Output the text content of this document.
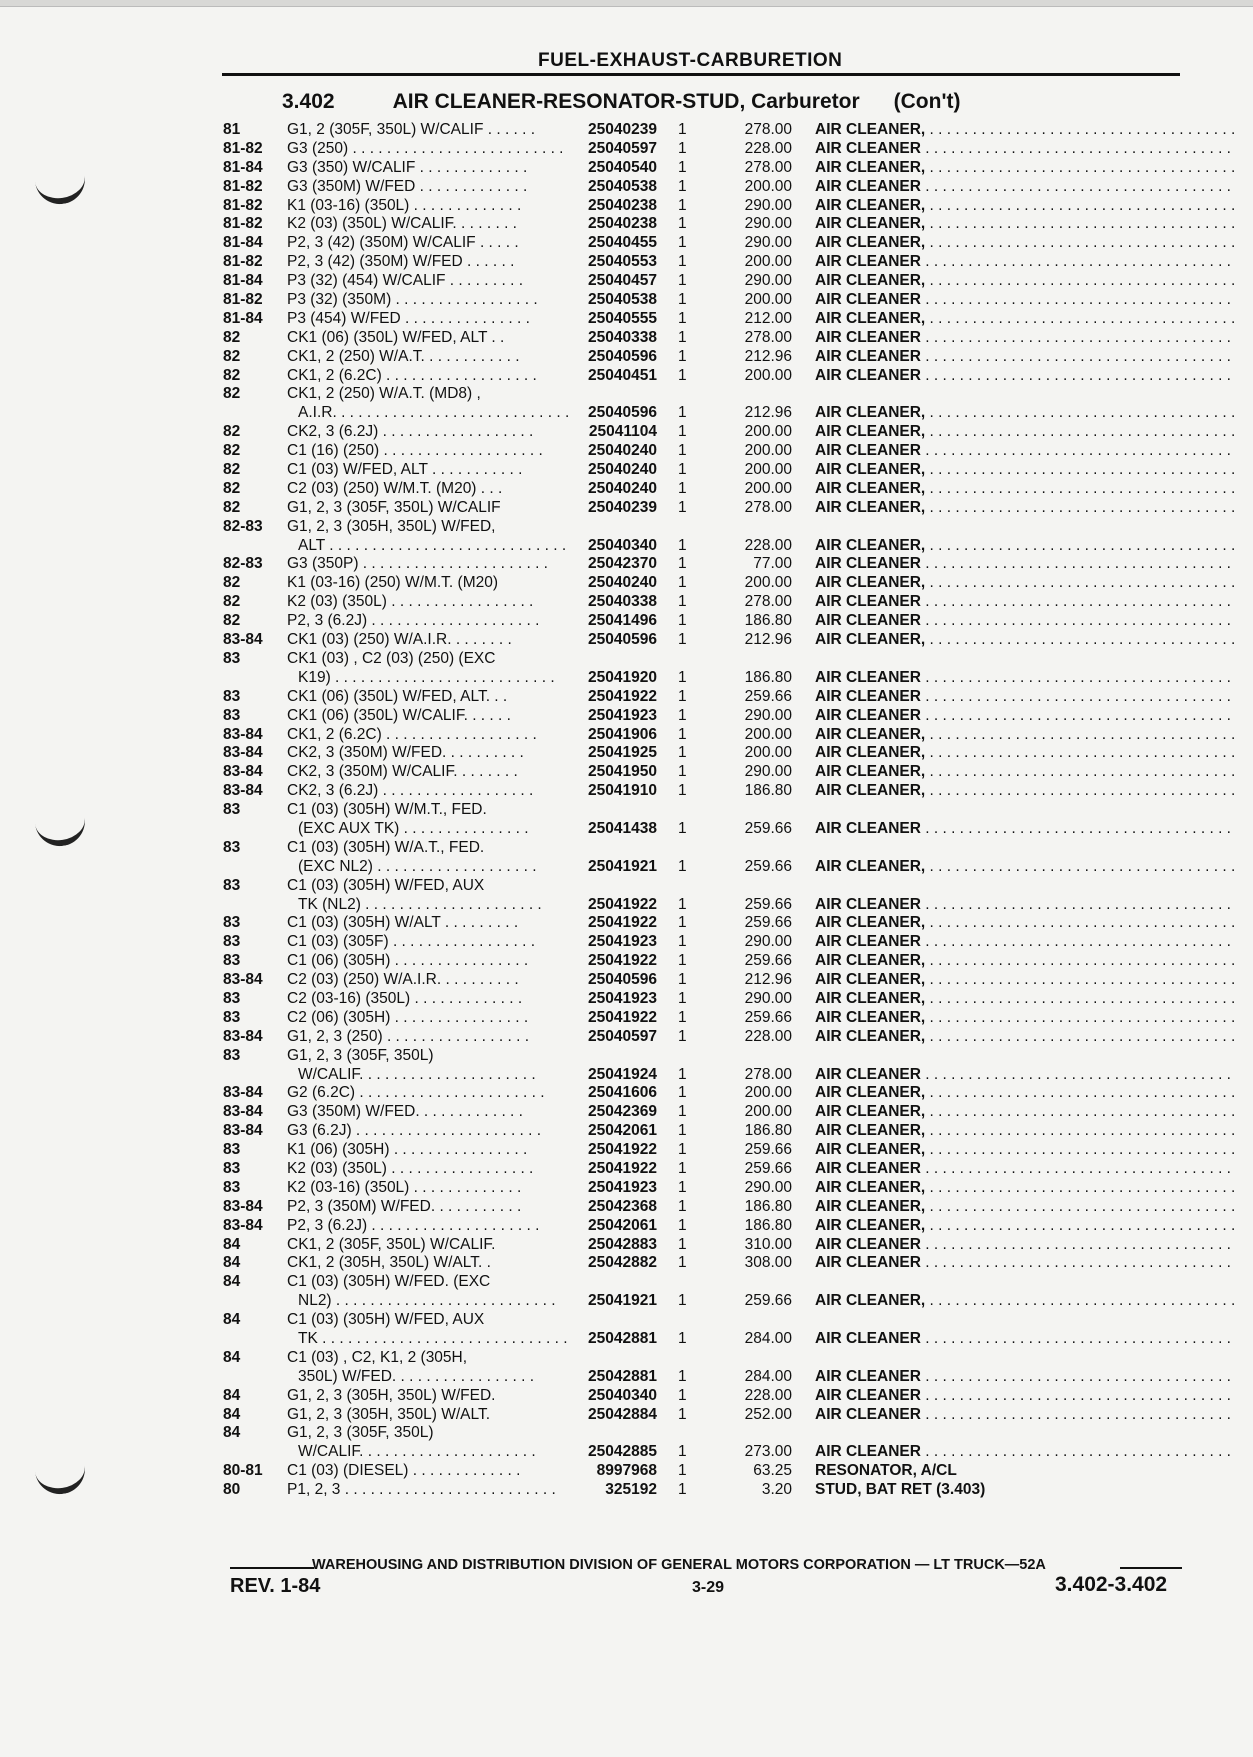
FUEL-EXHAUST-CARBURETION
3.402	AIR CLEANER-RESONATOR-STUD, Carburetor (Con't)
81	G1, 2 (305F, 350L) W/CALIF . . . . . .	25040239 1	278.00 AIR CLEANER, . . . . . . . . . . . . . . . . . . . . . . . . . . . . . . . . . . . .
81-82 G3 (250) . . . . . . . . . . . . . . . . . . . . . . . . .	25040597 1	228.00 AIR CLEANER . . . . . . . . . . . . . . . . . . . . . . . . . . . . . . . . . . . .
81-84 G3 (350) W/CALIF . . . . . . . . . . . . .	25040540 1	278.00 AIR CLEANER, . . . . . . . . . . . . . . . . . . . . . . . . . . . . . . . . . . . .
81-82 G3 (350M) W/FED . . . . . . . . . . . . .	25040538 1	200.00 AIR CLEANER . . . . . . . . . . . . . . . . . . . . . . . . . . . . . . . . . . . .
81-82 K1 (03-16) (350L) . . . . . . . . . . . . .	25040238 1	290.00 AIR CLEANER, . . . . . . . . . . . . . . . . . . . . . . . . . . . . . . . . . . . .
81-82 K2 (03) (350L) W/CALIF. . . . . . . .	25040238 1	290.00 AIR CLEANER, . . . . . . . . . . . . . . . . . . . . . . . . . . . . . . . . . . . .
81-84 P2, 3 (42) (350M) W/CALIF . . . . .	25040455 1	290.00 AIR CLEANER, . . . . . . . . . . . . . . . . . . . . . . . . . . . . . . . . . . . .
81-82 P2, 3 (42) (350M) W/FED . . . . . .	25040553 1	200.00 AIR CLEANER . . . . . . . . . . . . . . . . . . . . . . . . . . . . . . . . . . . .
81-84 P3 (32) (454) W/CALIF . . . . . . . . .	25040457 1	290.00 AIR CLEANER, . . . . . . . . . . . . . . . . . . . . . . . . . . . . . . . . . . . .
81-82 P3 (32) (350M) . . . . . . . . . . . . . . . . .	25040538 1	200.00 AIR CLEANER . . . . . . . . . . . . . . . . . . . . . . . . . . . . . . . . . . . .
81-84 P3 (454) W/FED . . . . . . . . . . . . . . .	25040555 1	212.00 AIR CLEANER, . . . . . . . . . . . . . . . . . . . . . . . . . . . . . . . . . . . .
82	CK1 (06) (350L) W/FED, ALT . .	25040338 1	278.00 AIR CLEANER . . . . . . . . . . . . . . . . . . . . . . . . . . . . . . . . . . . .
82	CK1, 2 (250) W/A.T. . . . . . . . . . . .	25040596 1	212.96 AIR CLEANER . . . . . . . . . . . . . . . . . . . . . . . . . . . . . . . . . . . .
82	CK1, 2 (6.2C) . . . . . . . . . . . . . . . . . .	25040451 1	200.00 AIR CLEANER . . . . . . . . . . . . . . . . . . . . . . . . . . . . . . . . . . . .
82	CK1, 2 (250) W/A.T. (MD8) ,
A.I.R. . . . . . . . . . . . . . . . . . . . . . . . . . . .	25040596 1	212.96 AIR CLEANER, . . . . . . . . . . . . . . . . . . . . . . . . . . . . . . . . . . . .
82	CK2, 3 (6.2J) . . . . . . . . . . . . . . . . . .	25041104 1	200.00 AIR CLEANER, . . . . . . . . . . . . . . . . . . . . . . . . . . . . . . . . . . . .
82	C1 (16) (250) . . . . . . . . . . . . . . . . . . .	25040240 1	200.00 AIR CLEANER . . . . . . . . . . . . . . . . . . . . . . . . . . . . . . . . . . . .
82	C1 (03) W/FED, ALT . . . . . . . . . . .	25040240 1	200.00 AIR CLEANER, . . . . . . . . . . . . . . . . . . . . . . . . . . . . . . . . . . . .
82	C2 (03) (250) W/M.T. (M20) . . .	25040240 1	200.00 AIR CLEANER, . . . . . . . . . . . . . . . . . . . . . . . . . . . . . . . . . . . .
82	G1, 2, 3 (305F, 350L) W/CALIF	25040239 1	278.00 AIR CLEANER, . . . . . . . . . . . . . . . . . . . . . . . . . . . . . . . . . . . .
82-83 G1, 2, 3 (305H, 350L) W/FED,
ALT . . . . . . . . . . . . . . . . . . . . . . . . . . . .	25040340 1	228.00 AIR CLEANER, . . . . . . . . . . . . . . . . . . . . . . . . . . . . . . . . . . . .
82-83 G3 (350P) . . . . . . . . . . . . . . . . . . . . . .	25042370 1	77.00 AIR CLEANER . . . . . . . . . . . . . . . . . . . . . . . . . . . . . . . . . . . .
82	K1 (03-16) (250) W/M.T. (M20)	25040240 1	200.00 AIR CLEANER, . . . . . . . . . . . . . . . . . . . . . . . . . . . . . . . . . . . .
82	K2 (03) (350L) . . . . . . . . . . . . . . . . .	25040338 1	278.00 AIR CLEANER . . . . . . . . . . . . . . . . . . . . . . . . . . . . . . . . . . . .
82	P2, 3 (6.2J) . . . . . . . . . . . . . . . . . . . .	25041496 1	186.80 AIR CLEANER . . . . . . . . . . . . . . . . . . . . . . . . . . . . . . . . . . . .
83-84 CK1 (03) (250) W/A.I.R. . . . . . . .	25040596 1	212.96 AIR CLEANER, . . . . . . . . . . . . . . . . . . . . . . . . . . . . . . . . . . . .
83	CK1 (03) , C2 (03) (250) (EXC
K19) . . . . . . . . . . . . . . . . . . . . . . . . . .	25041920 1	186.80 AIR CLEANER . . . . . . . . . . . . . . . . . . . . . . . . . . . . . . . . . . . .
83	CK1 (06) (350L) W/FED, ALT. . .	25041922 1	259.66 AIR CLEANER . . . . . . . . . . . . . . . . . . . . . . . . . . . . . . . . . . . .
83	CK1 (06) (350L) W/CALIF. . . . . .	25041923 1	290.00 AIR CLEANER . . . . . . . . . . . . . . . . . . . . . . . . . . . . . . . . . . . .
83-84 CK1, 2 (6.2C) . . . . . . . . . . . . . . . . . .	25041906 1	200.00 AIR CLEANER, . . . . . . . . . . . . . . . . . . . . . . . . . . . . . . . . . . . .
83-84 CK2, 3 (350M) W/FED. . . . . . . . . .	25041925 1	200.00 AIR CLEANER, . . . . . . . . . . . . . . . . . . . . . . . . . . . . . . . . . . . .
83-84 CK2, 3 (350M) W/CALIF. . . . . . . .	25041950 1	290.00 AIR CLEANER, . . . . . . . . . . . . . . . . . . . . . . . . . . . . . . . . . . . .
83-84 CK2, 3 (6.2J) . . . . . . . . . . . . . . . . . .	25041910 1	186.80 AIR CLEANER, . . . . . . . . . . . . . . . . . . . . . . . . . . . . . . . . . . . .
83	C1 (03) (305H) W/M.T., FED.
(EXC AUX TK) . . . . . . . . . . . . . . .	25041438 1	259.66 AIR CLEANER . . . . . . . . . . . . . . . . . . . . . . . . . . . . . . . . . . . .
83	C1 (03) (305H) W/A.T., FED.
(EXC NL2) . . . . . . . . . . . . . . . . . . .	25041921 1	259.66 AIR CLEANER, . . . . . . . . . . . . . . . . . . . . . . . . . . . . . . . . . . . .
83	C1 (03) (305H) W/FED, AUX
TK (NL2) . . . . . . . . . . . . . . . . . . . . .	25041922 1	259.66 AIR CLEANER . . . . . . . . . . . . . . . . . . . . . . . . . . . . . . . . . . . .
83	C1 (03) (305H) W/ALT . . . . . . . . .	25041922 1	259.66 AIR CLEANER, . . . . . . . . . . . . . . . . . . . . . . . . . . . . . . . . . . . .
83	C1 (03) (305F) . . . . . . . . . . . . . . . . .	25041923 1	290.00 AIR CLEANER . . . . . . . . . . . . . . . . . . . . . . . . . . . . . . . . . . . .
83	C1 (06) (305H) . . . . . . . . . . . . . . . .	25041922 1	259.66 AIR CLEANER, . . . . . . . . . . . . . . . . . . . . . . . . . . . . . . . . . . . .
83-84 C2 (03) (250) W/A.I.R. . . . . . . . . .	25040596 1	212.96 AIR CLEANER, . . . . . . . . . . . . . . . . . . . . . . . . . . . . . . . . . . . .
83	C2 (03-16) (350L) . . . . . . . . . . . . .	25041923 1	290.00 AIR CLEANER, . . . . . . . . . . . . . . . . . . . . . . . . . . . . . . . . . . . .
83	C2 (06) (305H) . . . . . . . . . . . . . . . .	25041922 1	259.66 AIR CLEANER, . . . . . . . . . . . . . . . . . . . . . . . . . . . . . . . . . . . .
83-84 G1, 2, 3 (250) . . . . . . . . . . . . . . . . .	25040597 1	228.00 AIR CLEANER, . . . . . . . . . . . . . . . . . . . . . . . . . . . . . . . . . . . .
83	G1, 2, 3 (305F, 350L)
W/CALIF. . . . . . . . . . . . . . . . . . . . .	25041924 1	278.00 AIR CLEANER . . . . . . . . . . . . . . . . . . . . . . . . . . . . . . . . . . . .
83-84 G2 (6.2C) . . . . . . . . . . . . . . . . . . . . . .	25041606 1	200.00 AIR CLEANER, . . . . . . . . . . . . . . . . . . . . . . . . . . . . . . . . . . . .
83-84 G3 (350M) W/FED. . . . . . . . . . . . .	25042369 1	200.00 AIR CLEANER, . . . . . . . . . . . . . . . . . . . . . . . . . . . . . . . . . . . .
83-84 G3 (6.2J) . . . . . . . . . . . . . . . . . . . . . .	25042061 1	186.80 AIR CLEANER, . . . . . . . . . . . . . . . . . . . . . . . . . . . . . . . . . . . .
83	K1 (06) (305H) . . . . . . . . . . . . . . . .	25041922 1	259.66 AIR CLEANER, . . . . . . . . . . . . . . . . . . . . . . . . . . . . . . . . . . . .
83	K2 (03) (350L) . . . . . . . . . . . . . . . . .	25041922 1	259.66 AIR CLEANER . . . . . . . . . . . . . . . . . . . . . . . . . . . . . . . . . . . .
83	K2 (03-16) (350L) . . . . . . . . . . . . .	25041923 1	290.00 AIR CLEANER, . . . . . . . . . . . . . . . . . . . . . . . . . . . . . . . . . . . .
83-84 P2, 3 (350M) W/FED. . . . . . . . . . .	25042368 1	186.80 AIR CLEANER, . . . . . . . . . . . . . . . . . . . . . . . . . . . . . . . . . . . .
83-84 P2, 3 (6.2J) . . . . . . . . . . . . . . . . . . . .	25042061 1	186.80 AIR CLEANER, . . . . . . . . . . . . . . . . . . . . . . . . . . . . . . . . . . . .
84	CK1, 2 (305F, 350L) W/CALIF.	25042883 1	310.00 AIR CLEANER . . . . . . . . . . . . . . . . . . . . . . . . . . . . . . . . . . . .
84	CK1, 2 (305H, 350L) W/ALT. .	25042882 1	308.00 AIR CLEANER . . . . . . . . . . . . . . . . . . . . . . . . . . . . . . . . . . . .
84	C1 (03) (305H) W/FED. (EXC
NL2) . . . . . . . . . . . . . . . . . . . . . . . . . .	25041921 1	259.66 AIR CLEANER, . . . . . . . . . . . . . . . . . . . . . . . . . . . . . . . . . . . .
84	C1 (03) (305H) W/FED, AUX
TK . . . . . . . . . . . . . . . . . . . . . . . . . . . . .	25042881 1	284.00 AIR CLEANER . . . . . . . . . . . . . . . . . . . . . . . . . . . . . . . . . . . .
84	C1 (03) , C2, K1, 2 (305H,
350L) W/FED. . . . . . . . . . . . . . . . .	25042881 1	284.00 AIR CLEANER . . . . . . . . . . . . . . . . . . . . . . . . . . . . . . . . . . . .
84	G1, 2, 3 (305H, 350L) W/FED.	25040340 1	228.00 AIR CLEANER . . . . . . . . . . . . . . . . . . . . . . . . . . . . . . . . . . . .
84	G1, 2, 3 (305H, 350L) W/ALT.	25042884 1	252.00 AIR CLEANER . . . . . . . . . . . . . . . . . . . . . . . . . . . . . . . . . . . .
84	G1, 2, 3 (305F, 350L)
W/CALIF. . . . . . . . . . . . . . . . . . . . .	25042885 1	273.00 AIR CLEANER . . . . . . . . . . . . . . . . . . . . . . . . . . . . . . . . . . . .
80-81 C1 (03) (DIESEL) . . . . . . . . . . . . .	8997968 1	63.25 RESONATOR, A/CL
80	P1, 2, 3 . . . . . . . . . . . . . . . . . . . . . . . . .	325192 1	3.20 STUD, BAT RET (3.403)
WAREHOUSING AND DISTRIBUTION DIVISION OF GENERAL MOTORS CORPORATION — LT TRUCK—52A
REV. 1-84	3-29	3.402-3.402
